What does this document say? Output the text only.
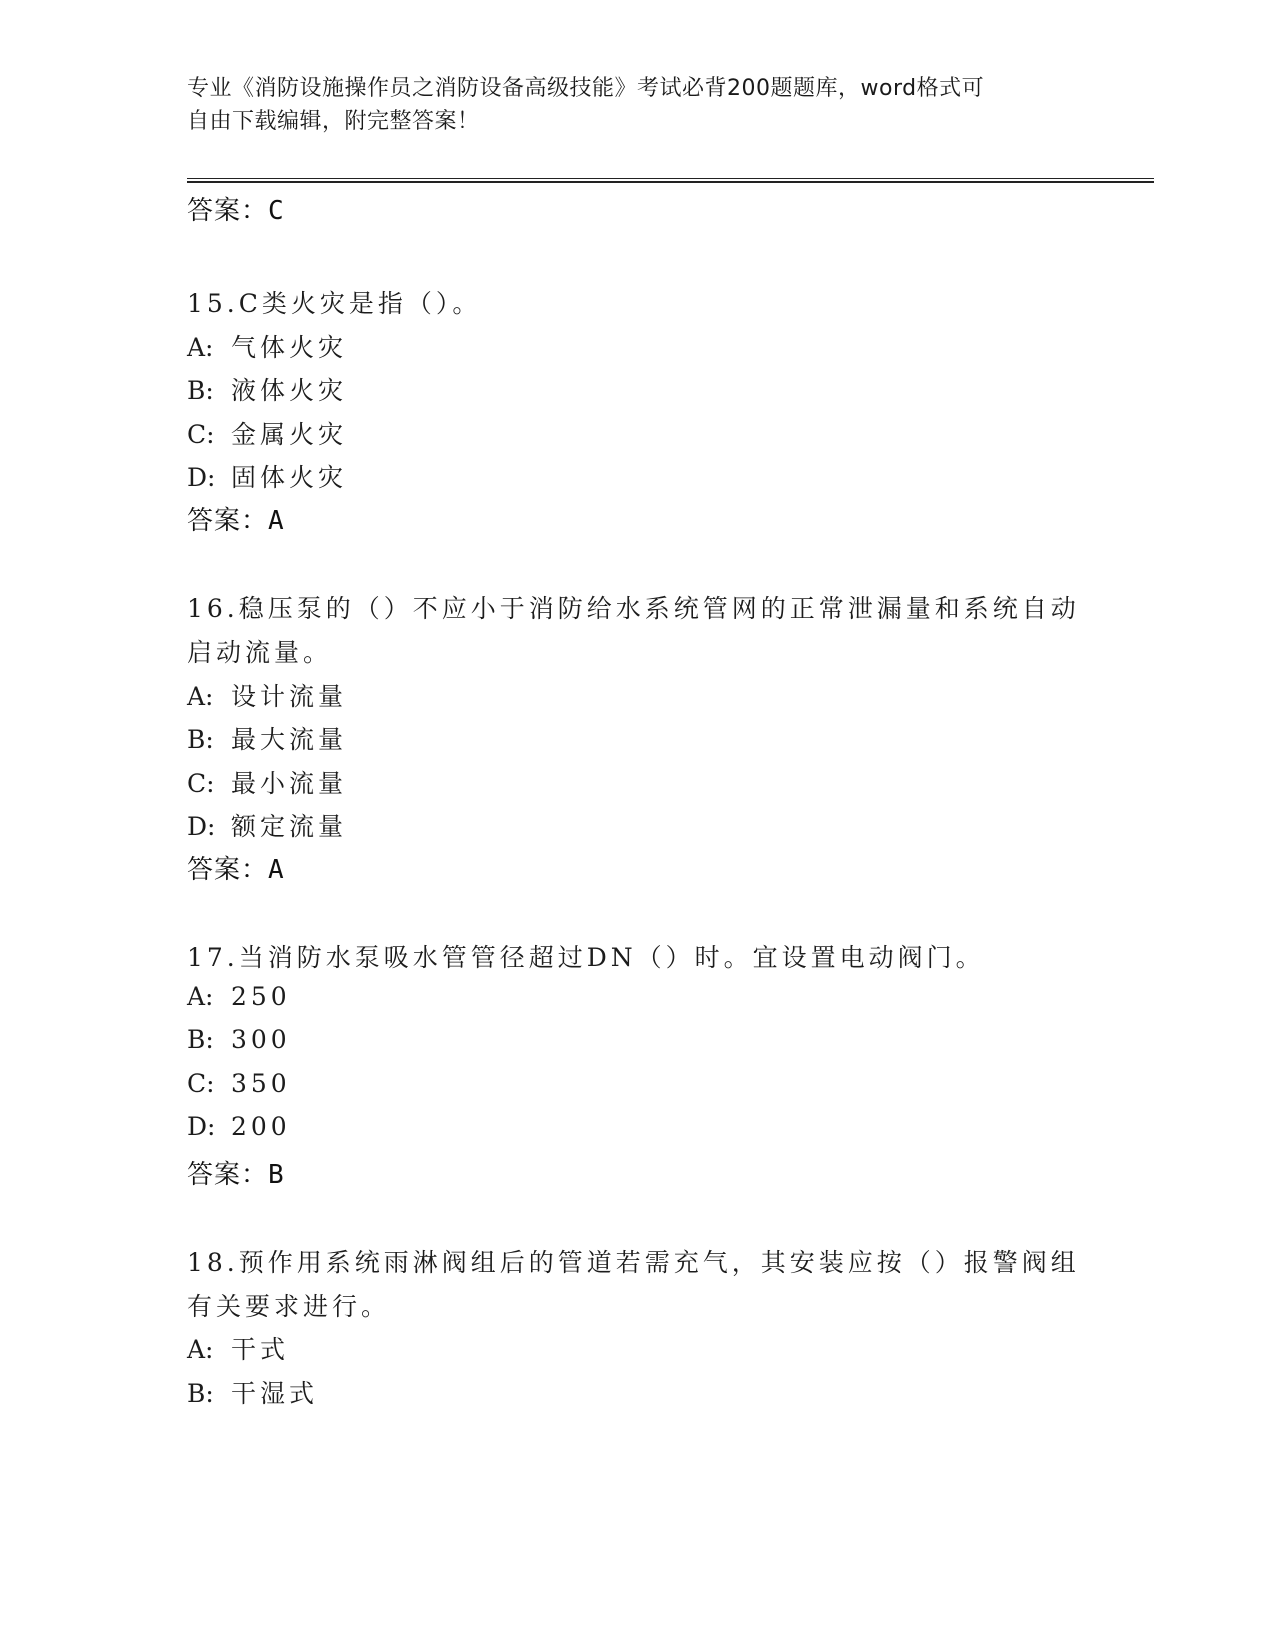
专业《消防设施操作员之消防设备高级技能》考试必背200题题库，word格式可
自由下载编辑，附完整答案！
答案：C
15.C类火灾是指（）。
A: 气体火灾
B: 液体火灾
C: 金属火灾
D: 固体火灾
答案：A
16.稳压泵的（）不应小于消防给水系统管网的正常泄漏量和系统自动
启动流量。
A: 设计流量
B: 最大流量
C: 最小流量
D: 额定流量
答案：A
17.当消防水泵吸水管管径超过DN（）时。宜设置电动阀门。
A: 250
B: 300
C: 350
D: 200
答案：B
18.预作用系统雨淋阀组后的管道若需充气，其安装应按（）报警阀组
有关要求进行。
A: 干式
B: 干湿式
